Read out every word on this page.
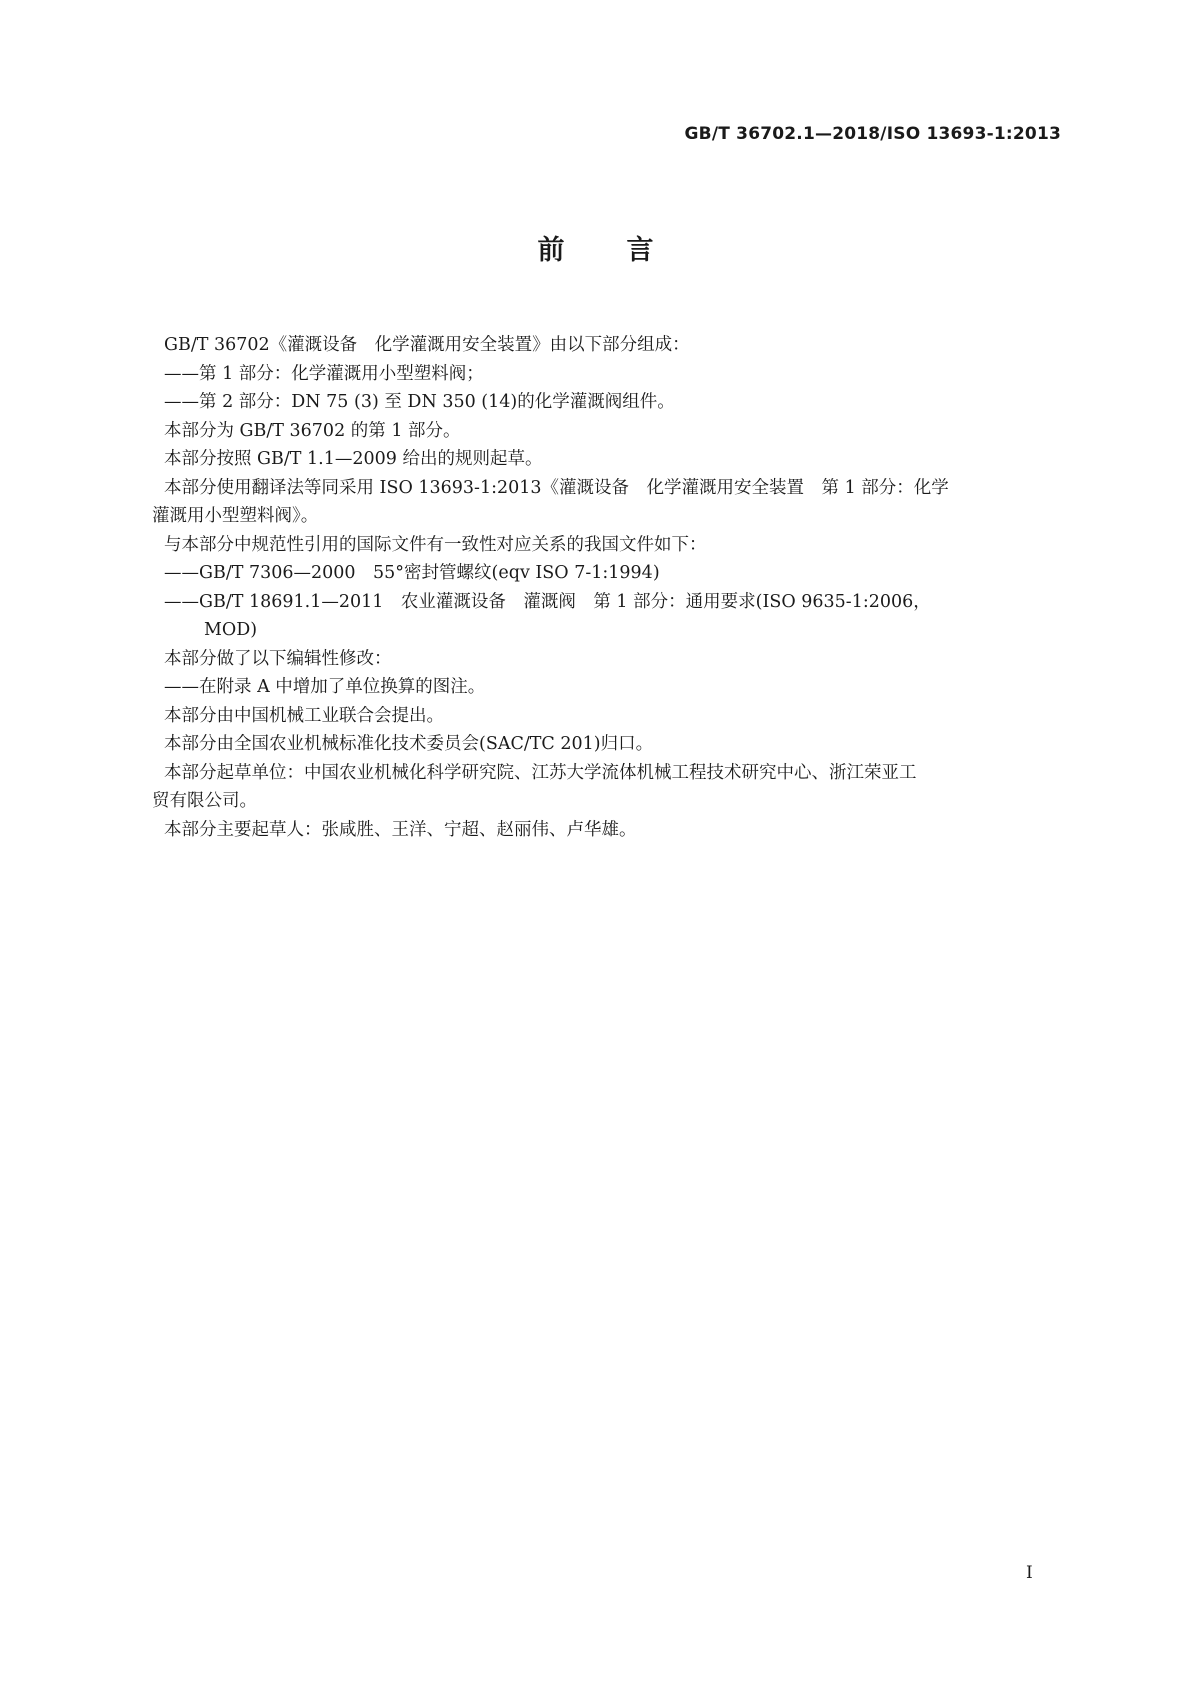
GB/T 36702.1—2018/ISO 13693-1:2013
前言
GB/T 36702《灌溉设备　化学灌溉用安全装置》由以下部分组成：
——第 1 部分：化学灌溉用小型塑料阀；
——第 2 部分：DN 75 (3) 至 DN 350 (14)的化学灌溉阀组件。
本部分为 GB/T 36702 的第 1 部分。
本部分按照 GB/T 1.1—2009 给出的规则起草。
本部分使用翻译法等同采用 ISO 13693-1:2013《灌溉设备　化学灌溉用安全装置　第 1 部分：化学
灌溉用小型塑料阀》。
与本部分中规范性引用的国际文件有一致性对应关系的我国文件如下：
——GB/T 7306—2000　55°密封管螺纹(eqv ISO 7-1:1994)
——GB/T 18691.1—2011　农业灌溉设备　灌溉阀　第 1 部分：通用要求(ISO 9635-1:2006，
MOD)
本部分做了以下编辑性修改：
——在附录 A 中增加了单位换算的图注。
本部分由中国机械工业联合会提出。
本部分由全国农业机械标准化技术委员会(SAC/TC 201)归口。
本部分起草单位：中国农业机械化科学研究院、江苏大学流体机械工程技术研究中心、浙江荣亚工
贸有限公司。
本部分主要起草人：张咸胜、王洋、宁超、赵丽伟、卢华雄。
I
